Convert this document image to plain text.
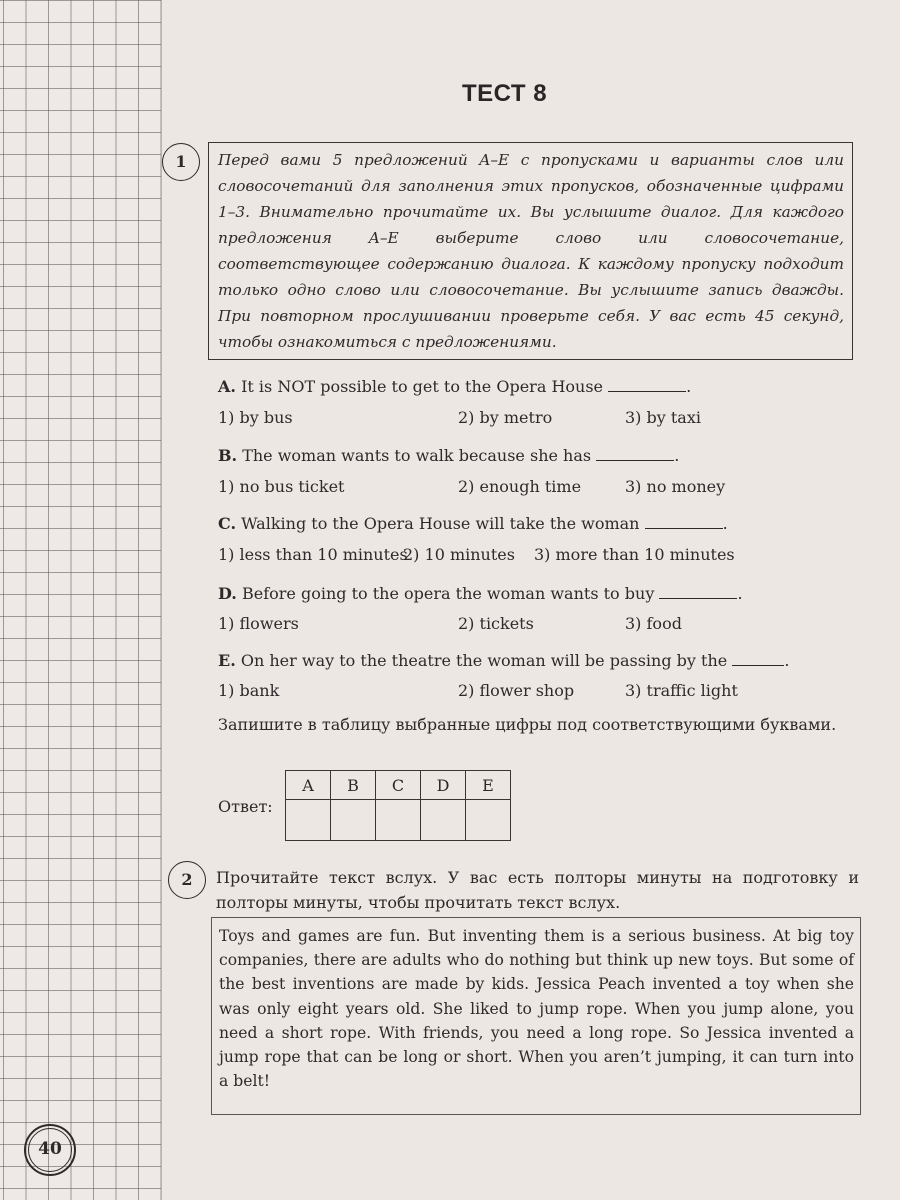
ТЕСТ 8
1	Перед вами 5 предложений A–E с пропусками и варианты слов или словосочетаний для заполнения этих пропусков, обозначенные цифрами 1–3. Внимательно прочитайте их. Вы услышите диалог. Для каждого предложения A–E выберите слово или словосочетание, соответствующее содержанию диалога. К каждому пропуску подходит только одно слово или словосочетание. Вы услышите запись дважды. При повторном прослушивании проверьте себя. У вас есть 45 секунд, чтобы ознакомиться с предложениями.

A. It is NOT possible to get to the Opera House	.
1) by bus	2) by metro	3) by taxi
B. The woman wants to walk because she has	.
1) no bus ticket	2) enough time	3) no money
C. Walking to the Opera House will take the woman	.
1) less than 10 minutes
2) 10 minutes 3) more than 10 minutes
D. Before going to the opera the woman wants to buy	.
1) flowers	2) tickets	3) food
E. On her way to the theatre the woman will be passing by the	.
1) bank	2) flower shop	3) traffic light
Запишите в таблицу выбранные цифры под соответствующими буквами.
Ответ:
A	B	C	D	E

2	Прочитайте текст вслух. У вас есть полторы минуты на подготовку и полторы минуты, чтобы прочитать текст вслух.

Toys and games are fun. But inventing them is a serious business. At big toy companies, there are adults who do nothing but think up new toys. But some of the best inventions are made by kids. Jessica Peach invented a toy when she was only eight years old. She liked to jump rope. When you jump alone, you need a short rope. With friends, you need a long rope. So Jessica invented a jump rope that can be long or short. When you aren’t jumping, it can turn into a belt!

40
